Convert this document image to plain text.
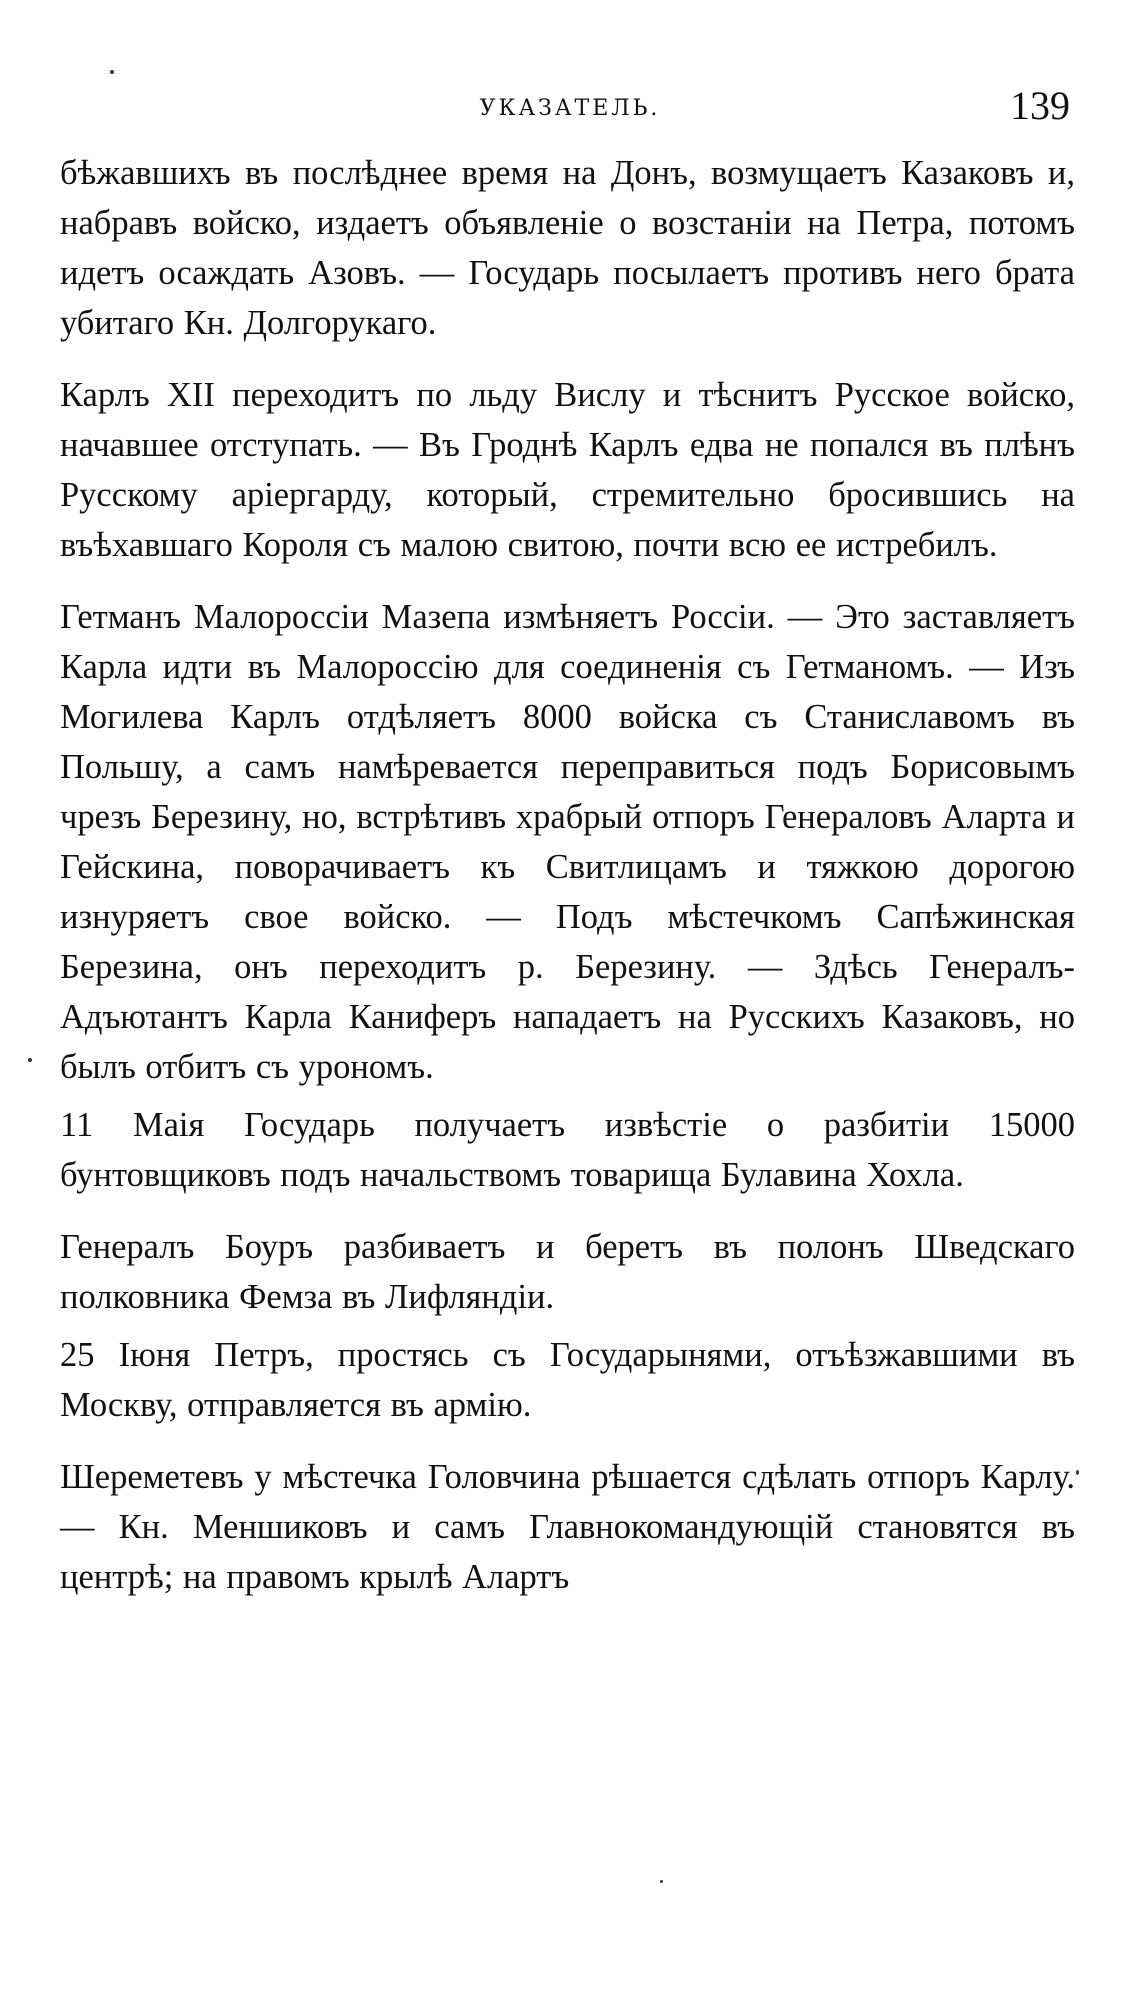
УКАЗАТЕЛЬ.	139

бѣжавшихъ въ послѣднее время на Донъ, возмущаетъ Казаковъ и, набравъ войско, издаетъ объявленіе о возстаніи на Петра, потомъ идетъ осаждать Азовъ. — Государь посылаетъ противъ него брата убитаго Кн. Долгорукаго.

Карлъ XII переходитъ по льду Вислу и тѣснитъ Русское войско, начавшее отступать. — Въ Гроднѣ Карлъ едва не попался въ плѣнъ Русскому аріергарду, который, стремительно бросившись на въѣхавшаго Короля съ малою свитою, почти всю ее истребилъ.

Гетманъ Малороссіи Мазепа измѣняетъ Россіи. — Это заставляетъ Карла идти въ Малороссію для соединенія съ Гетманомъ. — Изъ Могилева Карлъ отдѣляетъ 8000 войска съ Станиславомъ въ Польшу, а самъ намѣревается переправиться подъ Борисовымъ чрезъ Березину, но, встрѣтивъ храбрый отпоръ Генераловъ Аларта и Гейскина, поворачиваетъ къ Свитлицамъ и тяжкою дорогою изнуряетъ свое войско. — Подъ мѣстечкомъ Сапѣжинская Березина, онъ переходитъ р. Березину. — Здѣсь Генералъ-Адъютантъ Карла Каниферъ нападаетъ на Русскихъ Казаковъ, но былъ отбитъ съ урономъ.

11 Маія Государь получаетъ извѣстіе о разбитіи 15000 бунтовщиковъ подъ начальствомъ товарища Булавина Хохла.

Генералъ Боуръ разбиваетъ и беретъ въ полонъ Шведскаго полковника Фемза въ Лифляндіи.

25 Іюня Петръ, простясь съ Государынями, отъѣзжавшими въ Москву, отправляется въ армію.

Шереметевъ у мѣстечка Головчина рѣшается сдѣлать отпоръ Карлу. — Кн. Меншиковъ и самъ Главнокомандующій становятся въ центрѣ; на правомъ крылѣ Алартъ
